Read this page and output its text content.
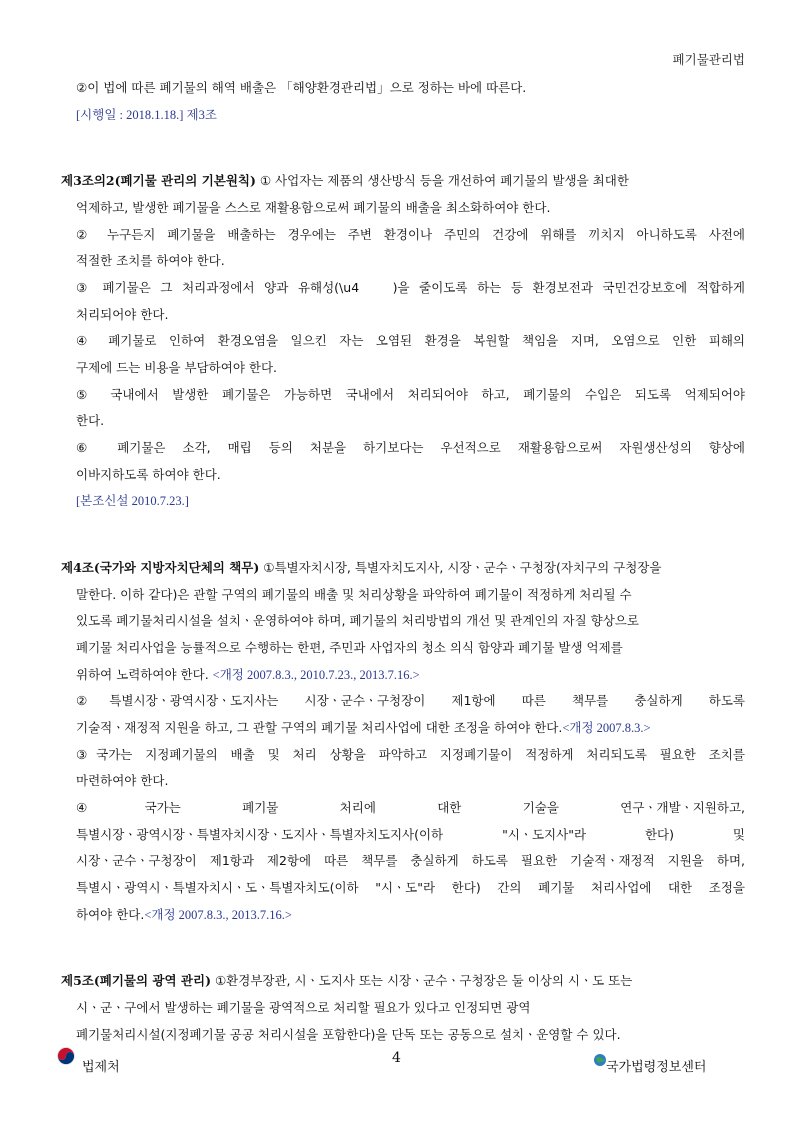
폐기물관리법
②이 법에 따른 폐기물의 해역 배출은 「해양환경관리법」으로 정하는 바에 따른다.
[시행일 : 2018.1.18.] 제3조
제3조의2(폐기물 관리의 기본원칙) ① 사업자는 제품의 생산방식 등을 개선하여 폐기물의 발생을 최대한
억제하고, 발생한 폐기물을 스스로 재활용함으로써 폐기물의 배출을 최소화하여야 한다.
② 누구든지 폐기물을 배출하는 경우에는 주변 환경이나 주민의 건강에 위해를 끼치지 아니하도록 사전에
적절한 조치를 하여야 한다.
③ 폐기물은 그 처리과정에서 양과 유해성(\u4　 )을 줄이도록 하는 등 환경보전과 국민건강보호에 적합하게
처리되어야 한다.
④ 폐기물로 인하여 환경오염을 일으킨 자는 오염된 환경을 복원할 책임을 지며, 오염으로 인한 피해의
구제에 드는 비용을 부담하여야 한다.
⑤ 국내에서 발생한 폐기물은 가능하면 국내에서 처리되어야 하고, 폐기물의 수입은 되도록 억제되어야
한다.
⑥ 폐기물은 소각, 매립 등의 처분을 하기보다는 우선적으로 재활용함으로써 자원생산성의 향상에
이바지하도록 하여야 한다.
[본조신설 2010.7.23.]
제4조(국가와 지방자치단체의 책무) ①특별자치시장, 특별자치도지사, 시장ㆍ군수ㆍ구청장(자치구의 구청장을
말한다. 이하 같다)은 관할 구역의 폐기물의 배출 및 처리상황을 파악하여 폐기물이 적정하게 처리될 수
있도록 폐기물처리시설을 설치ㆍ운영하여야 하며, 폐기물의 처리방법의 개선 및 관계인의 자질 향상으로
폐기물 처리사업을 능률적으로 수행하는 한편, 주민과 사업자의 청소 의식 함양과 폐기물 발생 억제를
위하여 노력하여야 한다. <개정 2007.8.3., 2010.7.23., 2013.7.16.>
②특별시장ㆍ광역시장ㆍ도지사는 시장ㆍ군수ㆍ구청장이 제1항에 따른 책무를 충실하게 하도록
기술적ㆍ재정적 지원을 하고, 그 관할 구역의 폐기물 처리사업에 대한 조정을 하여야 한다.<개정 2007.8.3.>
③국가는 지정폐기물의 배출 및 처리 상황을 파악하고 지정폐기물이 적정하게 처리되도록 필요한 조치를
마련하여야 한다.
④국가는 폐기물 처리에 대한 기술을 연구ㆍ개발ㆍ지원하고,
특별시장ㆍ광역시장ㆍ특별자치시장ㆍ도지사ㆍ특별자치도지사(이하 "시ㆍ도지사"라 한다) 및
시장ㆍ군수ㆍ구청장이 제1항과 제2항에 따른 책무를 충실하게 하도록 필요한 기술적ㆍ재정적 지원을 하며,
특별시ㆍ광역시ㆍ특별자치시ㆍ도ㆍ특별자치도(이하 "시ㆍ도"라 한다) 간의 폐기물 처리사업에 대한 조정을
하여야 한다.<개정 2007.8.3., 2013.7.16.>
제5조(폐기물의 광역 관리) ①환경부장관, 시ㆍ도지사 또는 시장ㆍ군수ㆍ구청장은 둘 이상의 시ㆍ도 또는
시ㆍ군ㆍ구에서 발생하는 폐기물을 광역적으로 처리할 필요가 있다고 인정되면 광역
폐기물처리시설(지정폐기물 공공 처리시설을 포함한다)을 단독 또는 공동으로 설치ㆍ운영할 수 있다.
법제처
4
국가법령정보센터
